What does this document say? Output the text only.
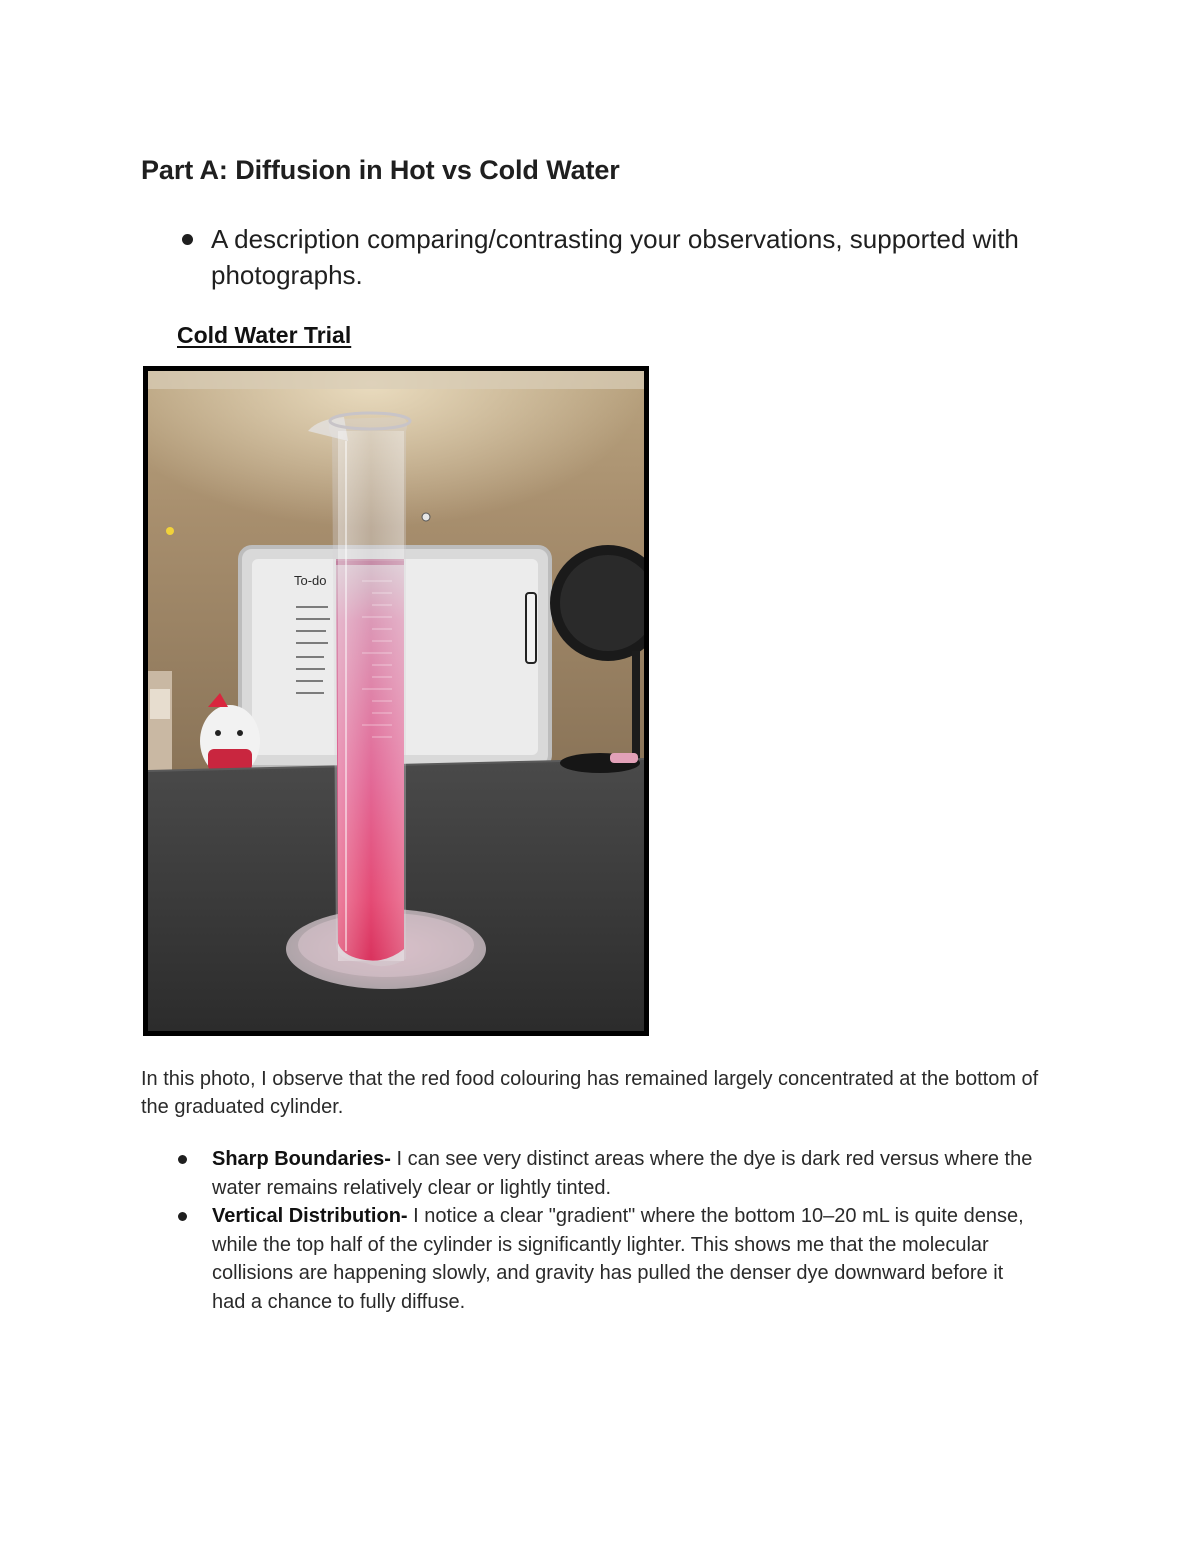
Part A: Diffusion in Hot vs Cold Water
A description comparing/contrasting your observations, supported with photographs.
Cold Water Trial
To-do

In this photo, I observe that the red food colouring has remained largely concentrated at the bottom of the graduated cylinder.

Sharp Boundaries- I can see very distinct areas where the dye is dark red versus where the water remains relatively clear or lightly tinted.
Vertical Distribution- I notice a clear "gradient" where the bottom 10–20 mL is quite dense, while the top half of the cylinder is significantly lighter. This shows me that the molecular collisions are happening slowly, and gravity has pulled the denser dye downward before it had a chance to fully diffuse.
